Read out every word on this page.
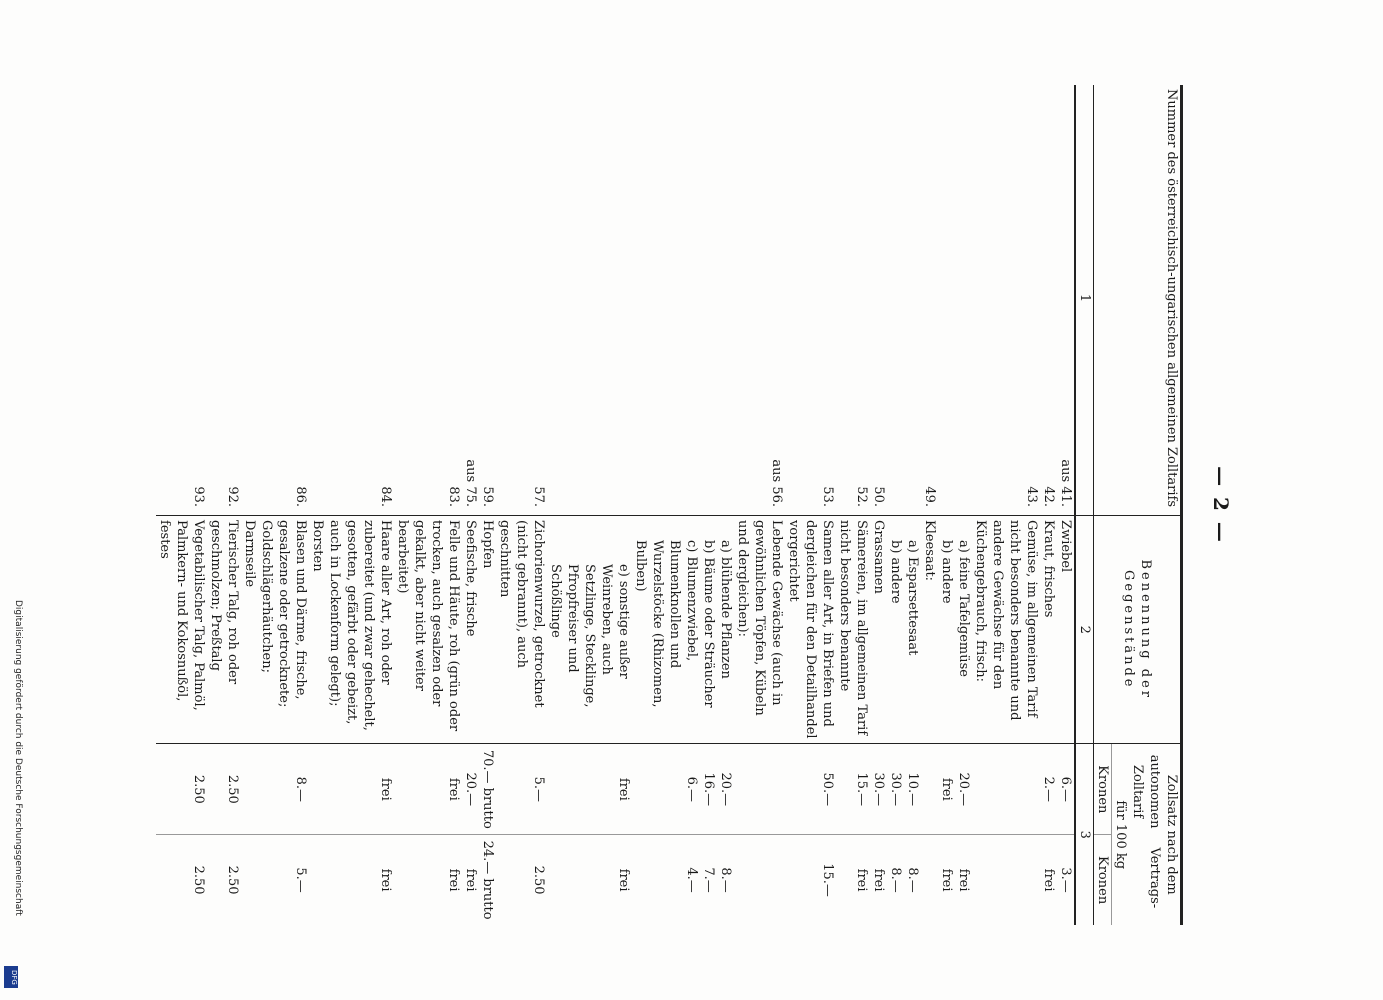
Digitalisierung gefördert durch die Deutsche Forschungsgemeinschaft
DFG
— 2 —
Nummer des österreichisch-ungarischen allgemeinen Zolltarifs	Benennung der Gegenstände	Zollsatz nach dem
autonomen Zolltarif
Vertrags-
für 100 kg	

		Kronen	Kronen
1	2	3	
aus 41.	Zwiebel	6.—	3.—
42.	Kraut, frisches	2.—	frei
43.	Gemüse, im allgemeinen Tarif nicht besonders benannte und andere Gewächse für den Küchengebrauch, frisch:		
	a) feine Tafelgemüse	20.—	frei
	b) andere	frei	frei
49.	Kleesaat:		
	a) Esparsettesaat	10.—	8.—
	b) andere	30.—	8.—
50.	Grassamen	30.—	frei
52.	Sämereien, im allgemeinen Tarif nicht besonders benannte	15.—	frei
53.	Samen aller Art, in Briefen und dergleichen für den Detailhandel vorgerichtet	50.—	15.—
aus 56.	Lebende Gewächse (auch in gewöhnlichen Töpfen, Kübeln und dergleichen):		
	a) blühende Pflanzen	20.—	8.—
	b) Bäume oder Sträucher	16.—	7.—
	c) Blumenzwiebel, Blumenknollen und Wurzelstöcke (Rhizomen, Bulben)	6.—	4.—
	e) sonstige außer Weinreben, auch Setzlinge, Stecklinge, Pfropfreiser und Schößlinge	frei	frei
57.	Zichorienwurzel, getrocknet (nicht gebrannt), auch geschnitten	5.—	2.50
59.	Hopfen	70.— brutto	24.— brutto
aus 75.	Seefische, frische	20.—	frei
83.	Felle und Häute, roh (grün oder trocken, auch gesalzen oder gekalkt, aber nicht weiter bearbeitet)	frei	frei
84.	Haare aller Art, roh oder zubereitet (und zwar gehechelt, gesotten, gefärbt oder gebeizt, auch in Lockenform gelegt); Borsten	frei	frei
86.	Blasen und Därme, frische, gesalzene oder getrocknete; Goldschlägerhäutchen; Darmseile	8.—	5.—
92.	Tierischer Talg, roh oder geschmolzen; Preßtalg	2.50	2.50
93.	Vegetabilischer Talg, Palmöl, Palmkern- und Kokosnußöl, festes	2.50	2.50
